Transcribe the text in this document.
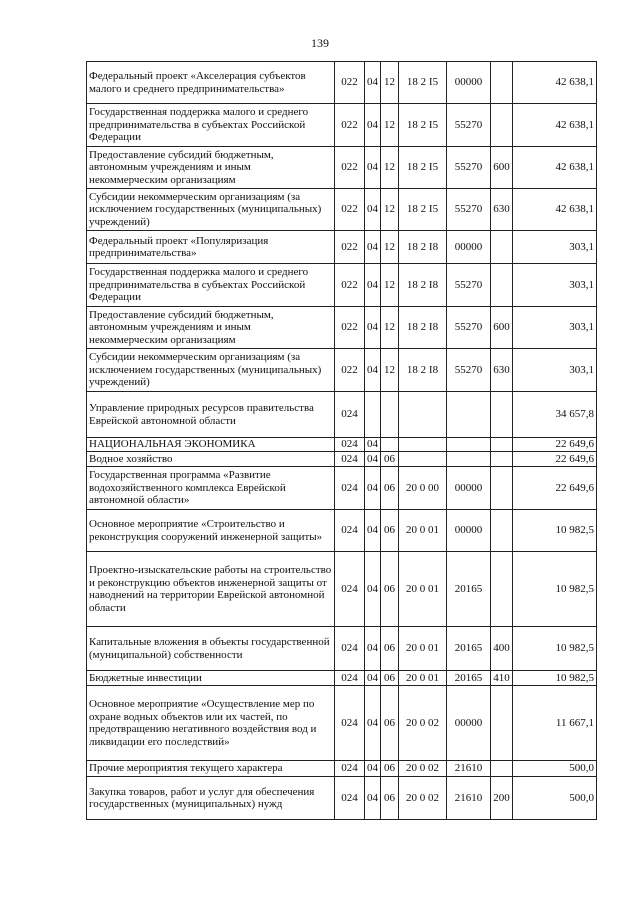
139
Федеральный проект «Акселерация субъектов малого и среднего предпринимательства»	022	04	12	18 2 I5	00000		42 638,1
Государственная поддержка малого и среднего предпринимательства в субъектах Российской Федерации	022	04	12	18 2 I5	55270		42 638,1
Предоставление субсидий бюджетным, автономным учреждениям и иным некоммерческим организациям	022	04	12	18 2 I5	55270	600	42 638,1
Субсидии некоммерческим организациям (за исключением государственных (муниципальных) учреждений)	022	04	12	18 2 I5	55270	630	42 638,1
Федеральный проект «Популяризация предпринимательства»	022	04	12	18 2 I8	00000		303,1
Государственная поддержка малого и среднего предпринимательства в субъектах Российской Федерации	022	04	12	18 2 I8	55270		303,1
Предоставление субсидий бюджетным, автономным учреждениям и иным некоммерческим организациям	022	04	12	18 2 I8	55270	600	303,1
Субсидии некоммерческим организациям (за исключением государственных (муниципальных) учреждений)	022	04	12	18 2 I8	55270	630	303,1
Управление природных ресурсов правительства Еврейской автономной области	024						34 657,8
НАЦИОНАЛЬНАЯ ЭКОНОМИКА	024	04					22 649,6
Водное хозяйство	024	04	06				22 649,6
Государственная программа «Развитие водохозяйственного комплекса Еврейской автономной области»	024	04	06	20 0 00	00000		22 649,6
Основное мероприятие «Строительство и реконструкция сооружений инженерной защиты»	024	04	06	20 0 01	00000		10 982,5
Проектно-изыскательские работы на строительство и реконструкцию объектов инженерной защиты от наводнений на территории Еврейской автономной области	024	04	06	20 0 01	20165		10 982,5
Капитальные вложения в объекты государственной (муниципальной) собственности	024	04	06	20 0 01	20165	400	10 982,5
Бюджетные инвестиции	024	04	06	20 0 01	20165	410	10 982,5
Основное мероприятие «Осуществление мер по охране водных объектов или их частей, по предотвращению негативного воздействия вод и ликвидации его последствий»	024	04	06	20 0 02	00000		11 667,1
Прочие мероприятия текущего характера	024	04	06	20 0 02	21610		500,0
Закупка товаров, работ и услуг для обеспечения государственных (муниципальных) нужд	024	04	06	20 0 02	21610	200	500,0
